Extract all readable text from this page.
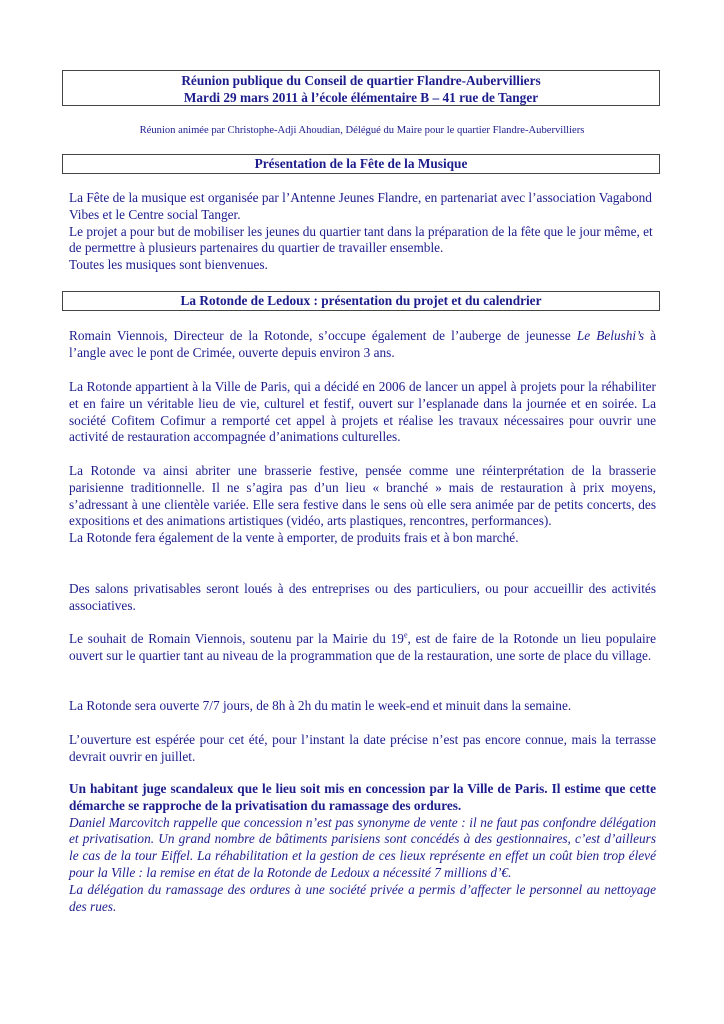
Réunion publique du Conseil de quartier Flandre-Aubervilliers
Mardi 29 mars 2011 à l’école élémentaire B – 41 rue de Tanger
Réunion animée par Christophe-Adji Ahoudian, Délégué du Maire pour le quartier Flandre-Aubervilliers
Présentation de la Fête de la Musique

La Fête de la musique est organisée par l’Antenne Jeunes Flandre, en partenariat avec l’association Vagabond Vibes et le Centre social Tanger.

Le projet a pour but de mobiliser les jeunes du quartier tant dans la préparation de la fête que le jour même, et de permettre à plusieurs partenaires du quartier de travailler ensemble.

Toutes les musiques sont bienvenues.

La Rotonde de Ledoux : présentation du projet et du calendrier
Romain Viennois, Directeur de la Rotonde, s’occupe également de l’auberge de jeunesse Le Belushi’s à l’angle avec le pont de Crimée, ouverte depuis environ 3 ans.
La Rotonde appartient à la Ville de Paris, qui a décidé en 2006 de lancer un appel à projets pour la réhabiliter et en faire un véritable lieu de vie, culturel et festif, ouvert sur l’esplanade dans la journée et en soirée. La société Cofitem Cofimur a remporté cet appel à projets et réalise les travaux nécessaires pour ouvrir une activité de restauration accompagnée d’animations culturelles.

La Rotonde va ainsi abriter une brasserie festive, pensée comme une réinterprétation de la brasserie parisienne traditionnelle. Il ne s’agira pas d’un lieu « branché » mais de restauration à prix moyens, s’adressant à une clientèle variée. Elle sera festive dans le sens où elle sera animée par de petits concerts, des expositions et des animations artistiques (vidéo, arts plastiques, rencontres, performances).

La Rotonde fera également de la vente à emporter, de produits frais et à bon marché.

Des salons privatisables seront loués à des entreprises ou des particuliers, ou pour accueillir des activités associatives.
Le souhait de Romain Viennois, soutenu par la Mairie du 19e, est de faire de la Rotonde un lieu populaire ouvert sur le quartier tant au niveau de la programmation que de la restauration, une sorte de place du village.
La Rotonde sera ouverte 7/7 jours, de 8h à 2h du matin le week-end et minuit dans la semaine.
L’ouverture est espérée pour cet été, pour l’instant la date précise n’est pas encore connue, mais la terrasse devrait ouvrir en juillet.

Un habitant juge scandaleux que le lieu soit mis en concession par la Ville de Paris. Il estime que cette démarche se rapproche de la privatisation du ramassage des ordures.

Daniel Marcovitch rappelle que concession n’est pas synonyme de vente : il ne faut pas confondre délégation et privatisation. Un grand nombre de bâtiments parisiens sont concédés à des gestionnaires, c’est d’ailleurs le cas de la tour Eiffel. La réhabilitation et la gestion de ces lieux représente en effet un coût bien trop élevé pour la Ville : la remise en état de la Rotonde de Ledoux a nécessité 7 millions d’€.

La délégation du ramassage des ordures à une société privée a permis d’affecter le personnel au nettoyage des rues.
